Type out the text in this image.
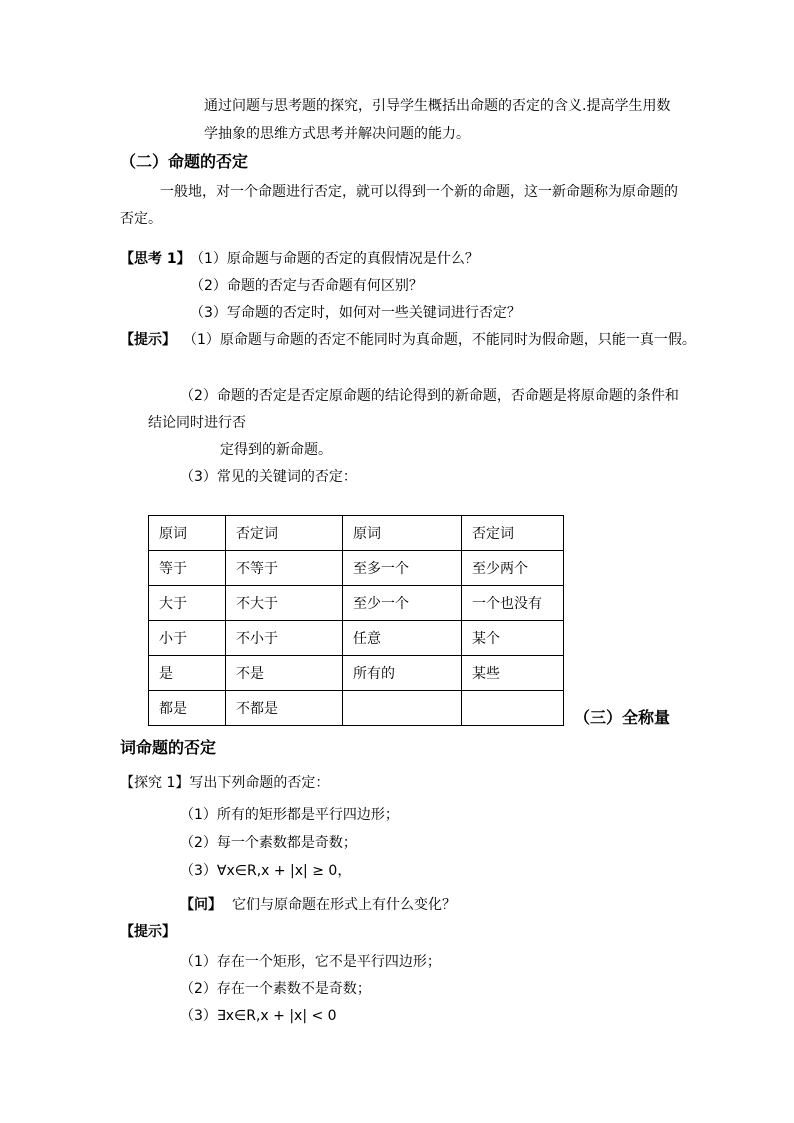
通过问题与思考题的探究，引导学生概括出命题的否定的含义.提高学生用数
学抽象的思维方式思考并解决问题的能力。
（二）命题的否定
一般地，对一个命题进行否定，就可以得到一个新的命题，这一新命题称为原命题的
否定。
【思考 1】 （1）原命题与命题的否定的真假情况是什么？
（2）命题的否定与否命题有何区别？
（3）写命题的否定时，如何对一些关键词进行否定？
【提示】 （1）原命题与命题的否定不能同时为真命题，不能同时为假命题，只能一真一假。
（2）命题的否定是否定原命题的结论得到的新命题，否命题是将原命题的条件和
结论同时进行否
定得到的新命题。
（3）常见的关键词的否定：
原词	否定词	原词	否定词
等于	不等于	至多一个	至少两个
大于	不大于	至少一个	一个也没有
小于	不小于	任意	某个
是	不是	所有的	某些
都是	不都是			（三）全称量
词命题的否定
【探究 1】写出下列命题的否定：
（1）所有的矩形都是平行四边形；
（2）每一个素数都是奇数；
（3）∀x∈R,x + |x| ≥ 0，
【问】 它们与原命题在形式上有什么变化？
【提示】
（1）存在一个矩形，它不是平行四边形；
（2）存在一个素数不是奇数；
（3）∃x∈R,x + |x| < 0
